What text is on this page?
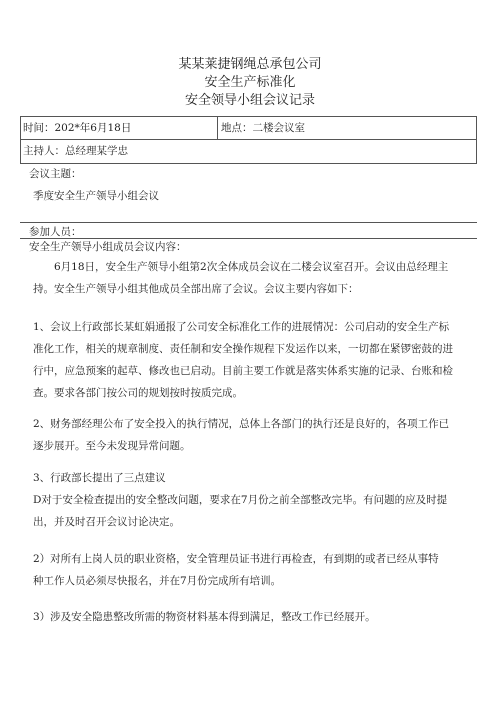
某某莱捷钢绳总承包公司
安全生产标准化
安全领导小组会议记录
时间：202*年6月18日	地点：二楼会议室
主持人：总经理某学忠
会议主题：
季度安全生产领导小组会议
参加人员：
安全生产领导小组成员会议内容：
6月18日，安全生产领导小组第2次全体成员会议在二楼会议室召开。会议由总经理主持。安全生产领导小组其他成员全部出席了会议。会议主要内容如下：
1、会议上行政部长某虹娟通报了公司安全标准化工作的进展情况：公司启动的安全生产标准化工作，相关的规章制度、责任制和安全操作规程下发运作以来，一切都在紧锣密鼓的进行中，应急预案的起草、修改也已启动。目前主要工作就是落实体系实施的记录、台账和检查。要求各部门按公司的规划按时按质完成。
2、财务部经理公布了安全投入的执行情况，总体上各部门的执行还是良好的，各项工作已逐步展开。至今未发现异常问题。
3、行政部长提出了三点建议
D对于安全检查提出的安全整改问题，要求在7月份之前全部整改完毕。有问题的应及时提出，并及时召开会议讨论决定。
2）对所有上岗人员的职业资格，安全管理员证书进行再检查，有到期的或者已经从事特
种工作人员必须尽快报名，并在7月份完成所有培训。
3）涉及安全隐患整改所需的物资材料基本得到满足，整改工作已经展开。
